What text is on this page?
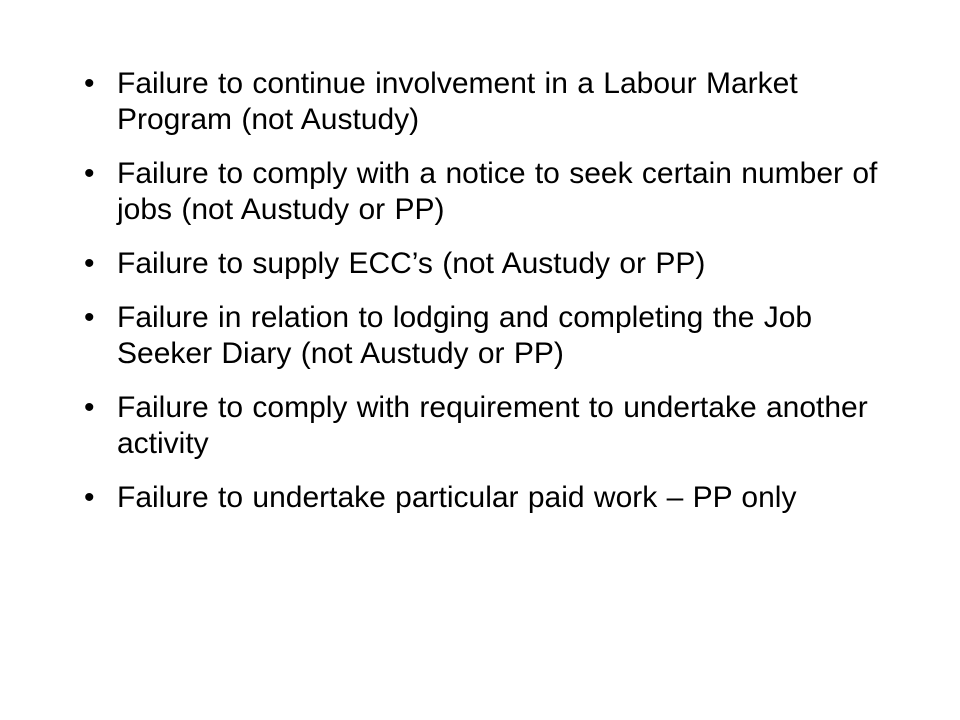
• Failure to continue involvement in a Labour Market Program (not Austudy)
• Failure to comply with a notice to seek certain number of jobs (not Austudy or PP)
• Failure to supply ECC’s (not Austudy or PP)
• Failure in relation to lodging and completing the Job Seeker Diary (not Austudy or PP)
• Failure to comply with requirement to undertake another activity
• Failure to undertake particular paid work – PP only
